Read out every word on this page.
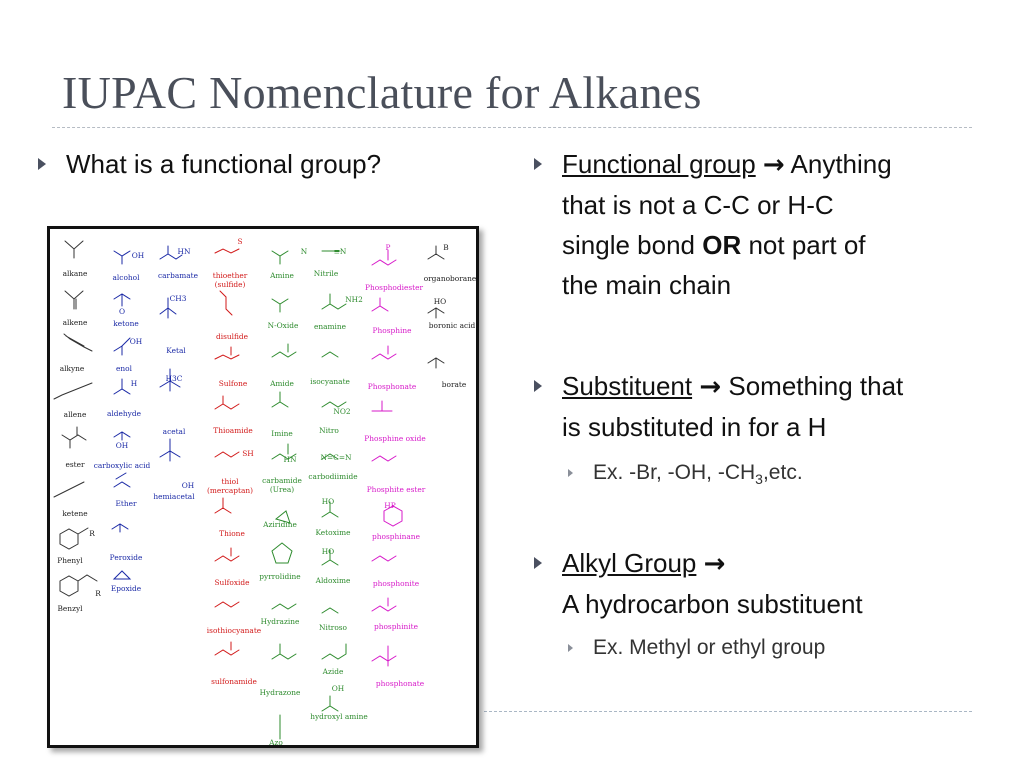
IUPAC Nomenclature for Alkanes
What is a functional group?	Functional group → Anything
that is not a C-C or H-C
single bond OR not part of
the main chain
Substituent → Something that
is substituted in for a H
Ex. -Br, -OH, $-CH_3,etc$.
Alkyl Group →
A hydrocarbon substituent
Ex. Methyl or ethyl group
alkane
alkene
alkyne
allene
ester
ketene
Phenyl
Benzyl
alcohol
ketone
enol
aldehyde
carboxylic acid
Ether
Peroxide
Epoxide
carbamate
Ketal
acetal
hemiacetal
thioether
(sulfide)
disulfide
Sulfone
Thioamide
thiol
(mercaptan)
Thione
Sulfoxide
isothiocyanate
sulfonamide
Amine
N-Oxide
Amide
Imine
carbamide
(Urea)
Aziridine
pyrrolidine
Hydrazine
Hydrazone
Azo
Nitrile
enamine
isocyanate
Nitro
carbodiimide
Ketoxime
Aldoxime
Nitroso
Azide
hydroxyl amine
Phosphodiester
Phosphine
Phosphonate
Phosphine oxide
Phosphite ester
phosphinane
phosphonite
phosphinite
phosphonate
organoborane
boronic acid
borate
OH
O
OH
H
OH
HN
CH3
H3C
OH
S
SH
N
HN
≡N
NH2
NO2
N=C=N
HO
HO
OH
P
HP
B
HO
R
R
